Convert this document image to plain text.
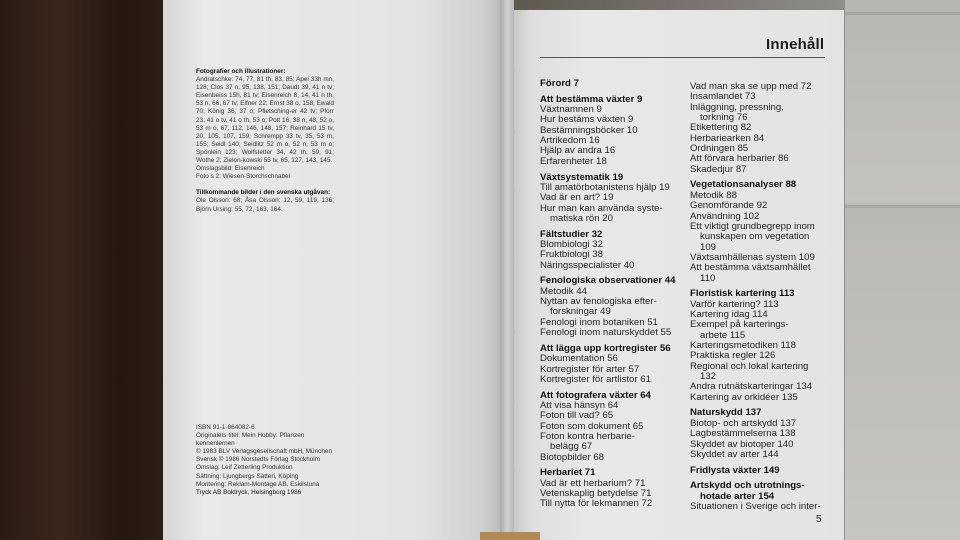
Fotografier och illustrationer:

Andratschke: 74, 77, 81 th, 83, 85; Apel 33h mn, 128; Clos 37 n, 95, 138, 151; Daudt 39, 41 n tv; Eisenbeiss 15h, 81 tv; Eisenreich 8, 14, 41 n th, 53 n, 66, 67 tv; Elfner 22; Ernst 38 o, 158; Ewald 70; König 36, 37 o; Pfletsching-er 42 tv; Pforr 23, 41 o tv, 41 o th, 53 o; Pott 16, 38 n, 48, 52 o, 53 m o, 67, 112, 146, 148, 157; Reinhard 15 tv, 20, 105, 107, 159; Schrempp 33 tv, 35, 53 m, 155; Seidl 140; Seidlitz 52 m o, 52 n, 53 m o; Spönlein 123; Wolfstetter 34, 42 th, 59, 91; Wothe 2; Zielon-kowski 55 tv, 65, 127, 143, 145.

Omslagsbild: Eisenreich

Foto s 2: Wiesen-Storchschnabel

Tillkommande bilder i den svenska utgåvan:

Ole Olsson: 68; Åsa Olsson: 12, 59, 119, 136; Björn Ursing: 55, 72, 163, 164.

ISBN 91-1-864082-6

Originalets titel: Mein Hobby: Pflanzen kennenlernen

© 1983 BLV Verlagsgesellschaft mbH, München

Svensk © 1986 Norstedts Förlag Stockholm

Omslag: Leif Zetterling Produktion

Sättning: Ljungbergs Sätteri, Köping

Montering: Reklam-Montage AB, Eskilstuna

Tryck AB Boktryck, Helsingborg 1986

Innehåll
Förord 7
Att bestämma växter 9
Växtnamnen 9
Hur bestäms växten 9
Bestämningsböcker 10
Artrikedom 16
Hjälp av andra 16
Erfarenheter 18
Växtsystematik 19
Till amatörbotanistens hjälp 19
Vad är en art? 19
Hur man kan använda syste-
matiska rön 20
Fältstudier 32
Blombiologi 32
Fruktbiologi 38
Näringsspecialister 40
Fenologiska observationer 44
Metodik 44
Nyttan av fenologiska efter-
forskningar 49
Fenologi inom botaniken 51
Fenologi inom naturskyddet 55
Att lägga upp kortregister 56
Dokumentation 56
Kortregister för arter 57
Kortregister för artlistor 61
Att fotografera växter 64
Att visa hänsyn 64
Foton till vad? 65
Foton som dokument 65
Foton kontra herbarie-
belägg 67
Biotopbilder 68
Herbariet 71
Vad är ett herbarium? 71
Vetenskaplig betydelse 71
Till nytta för lekmannen 72
Vad man ska se upp med 72
Insamlandet 73
Inläggning, pressning,
torkning 76
Etikettering 82
Herbariearken 84
Ordningen 85
Att förvara herbarier 86
Skadedjur 87
Vegetationsanalyser 88
Metodik 88
Genomförande 92
Användning 102
Ett viktigt grundbegrepp inom
kunskapen om vegetation
109
Växtsamhällenas system 109
Att bestämma växtsamhället
110
Floristisk kartering 113
Varför kartering? 113
Kartering idag 114
Exempel på karterings-
arbete 115
Karteringsmetodiken 118
Praktiska regler 126
Regional och lokal kartering
132
Andra rutnätskarteringar 134
Kartering av orkidéer 135
Naturskydd 137
Biotop- och artskydd 137
Lagbestämmelserna 138
Skyddet av biotoper 140
Skyddet av arter 144
Fridlysta växter 149
Artskydd och utrotnings-
hotade arter 154
Situationen i Sverige och inter-
5
